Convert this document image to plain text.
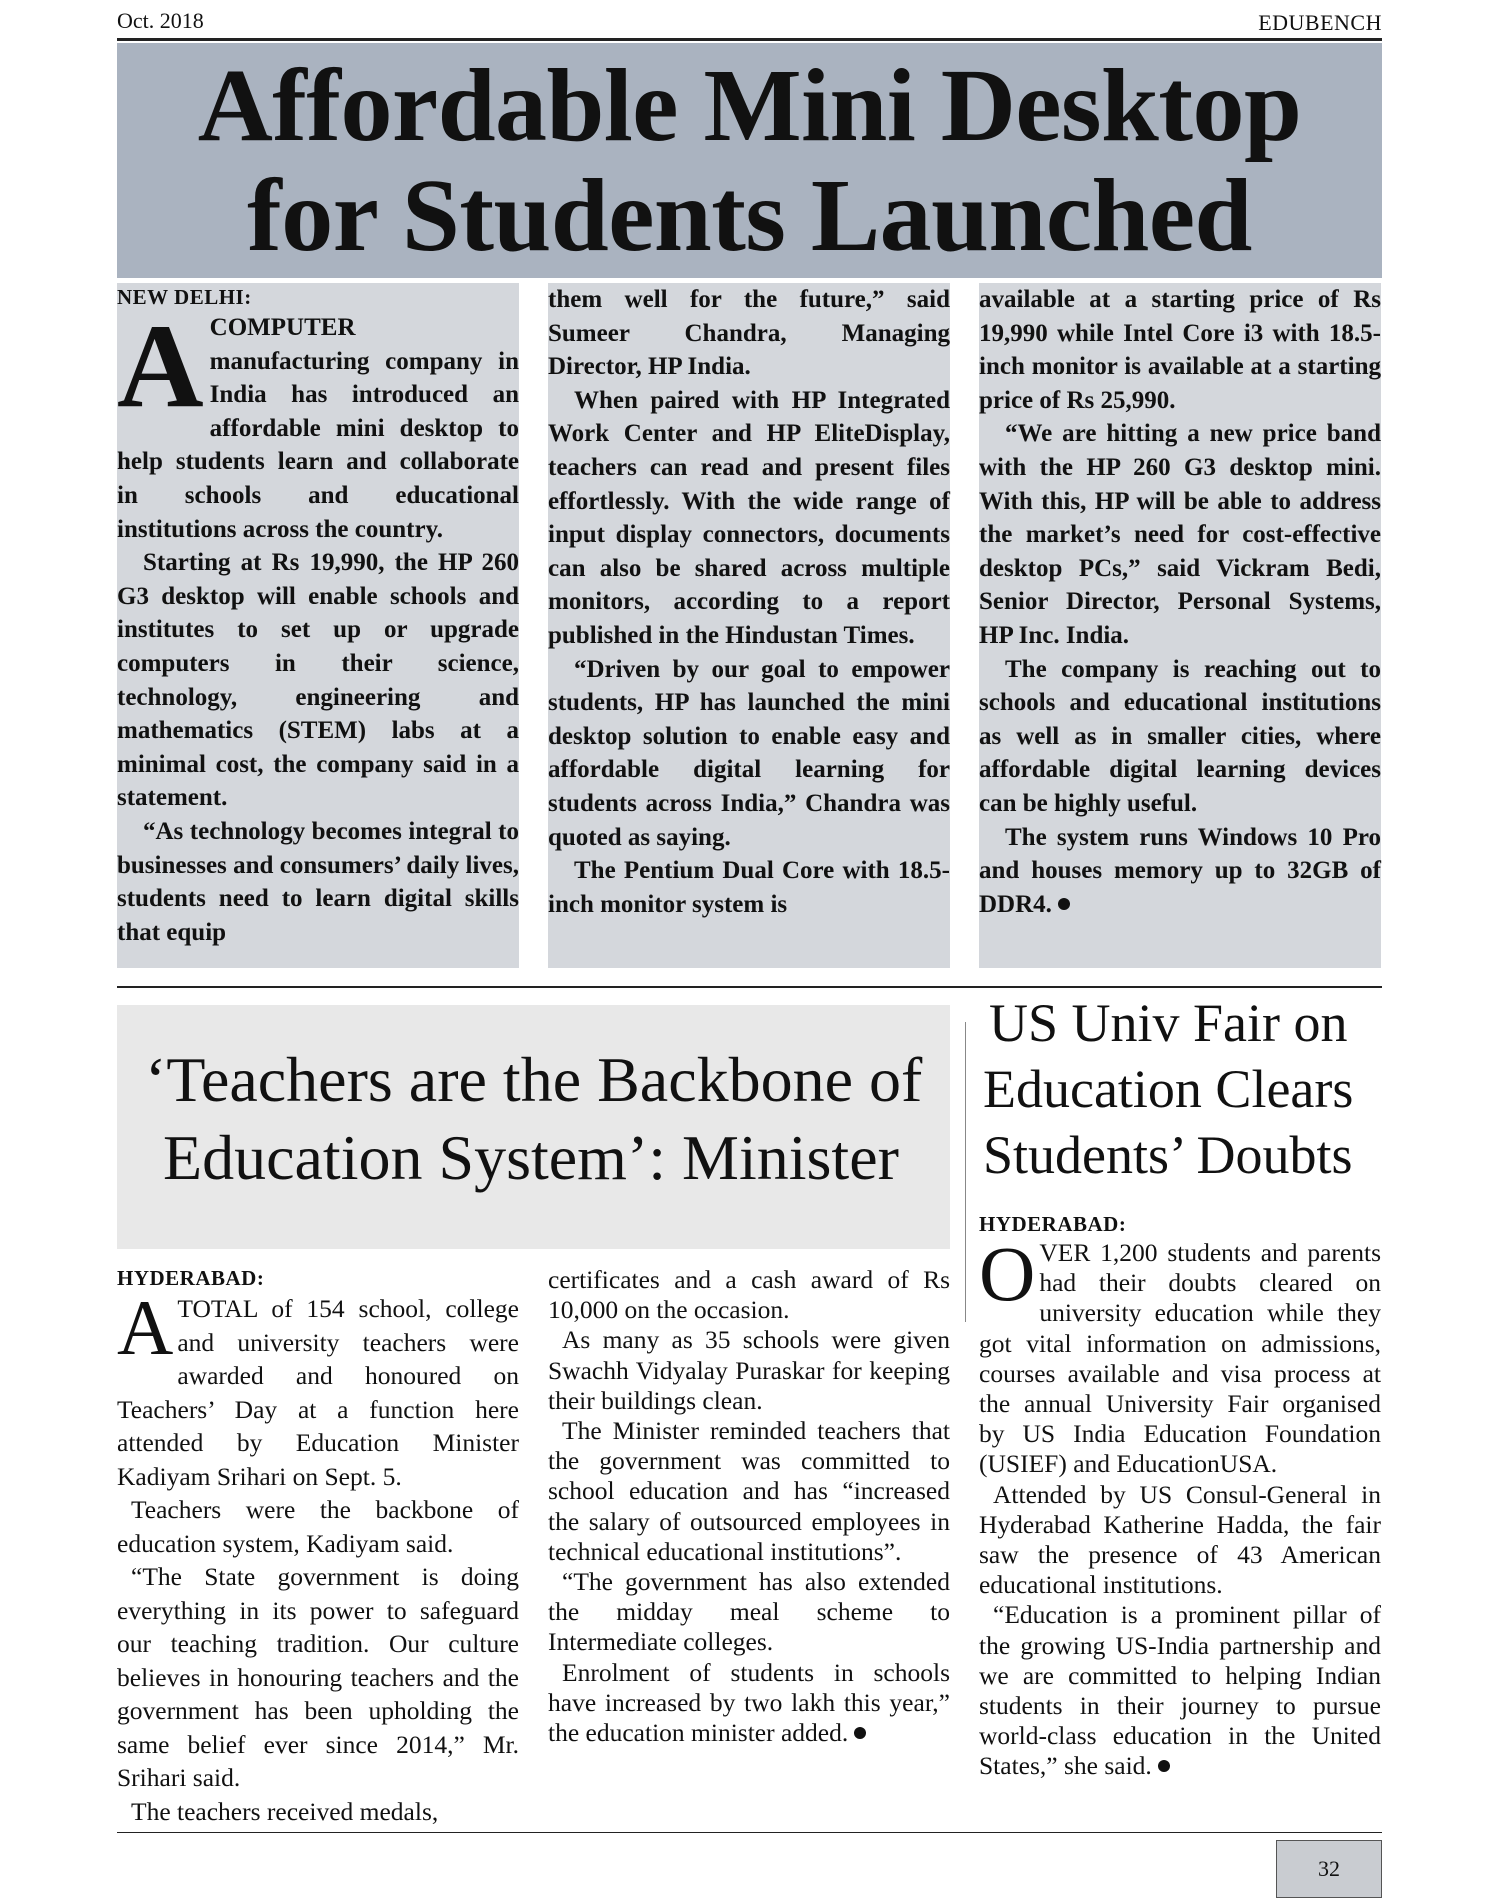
Oct. 2018	EDUBENCH
Affordable Mini Desktop
for Students Launched
NEW DELHI:

ACOMPUTER manufacturing company in India has introduced an affordable mini desktop to help students learn and collaborate in schools and educational institutions across the country.

Starting at Rs 19,990, the HP 260 G3 desktop will enable schools and institutes to set up or upgrade computers in their science, technology, engineering and mathematics (STEM) labs at a minimal cost, the company said in a statement.

“As technology becomes integral to businesses and consumers’ daily lives, students need to learn digital skills that equip

them well for the future,” said Sumeer Chandra, Managing Director, HP India.

When paired with HP Integrated Work Center and HP EliteDisplay, teachers can read and present files effortlessly. With the wide range of input display connectors, documents can also be shared across multiple monitors, according to a report published in the Hindustan Times.

“Driven by our goal to empower students, HP has launched the mini desktop solution to enable easy and affordable digital learning for students across India,” Chandra was quoted as saying.

The Pentium Dual Core with 18.5-inch monitor system is

available at a starting price of Rs 19,990 while Intel Core i3 with 18.5-inch monitor is available at a starting price of Rs 25,990.

“We are hitting a new price band with the HP 260 G3 desktop mini. With this, HP will be able to address the market’s need for cost-effective desktop PCs,” said Vickram Bedi, Senior Director, Personal Systems, HP Inc. India.

The company is reaching out to schools and educational institutions as well as in smaller cities, where affordable digital learning devices can be highly useful.

The system runs Windows 10 Pro and houses memory up to 32GB of DDR4.

‘Teachers are the Backbone of
Education System’: Minister
HYDERABAD:

ATOTAL of 154 school, college and university teachers were awarded and honoured on Teachers’ Day at a function here attended by Education Minister Kadiyam Srihari on Sept. 5.

Teachers were the backbone of education system, Kadiyam said.

“The State government is doing everything in its power to safeguard our teaching tradition. Our culture believes in honouring teachers and the government has been upholding the same belief ever since 2014,” Mr. Srihari said.

The teachers received medals,

certificates and a cash award of Rs 10,000 on the occasion.

As many as 35 schools were given Swachh Vidyalay Puraskar for keeping their buildings clean.

The Minister reminded teachers that the government was committed to school education and has “increased the salary of outsourced employees in technical educational institutions”.

“The government has also extended the midday meal scheme to Intermediate colleges.

Enrolment of students in schools have increased by two lakh this year,” the education minister added.

US Univ Fair on
Education Clears
Students’ Doubts
HYDERABAD:

OVER 1,200 students and parents had their doubts cleared on university education while they got vital information on admissions, courses available and visa process at the annual University Fair organised by US India Education Foundation (USIEF) and EducationUSA.

Attended by US Consul-General in Hyderabad Katherine Hadda, the fair saw the presence of 43 American educational institutions.

“Education is a prominent pillar of the growing US-India partnership and we are committed to helping Indian students in their journey to pursue world-class education in the United States,” she said.

32
